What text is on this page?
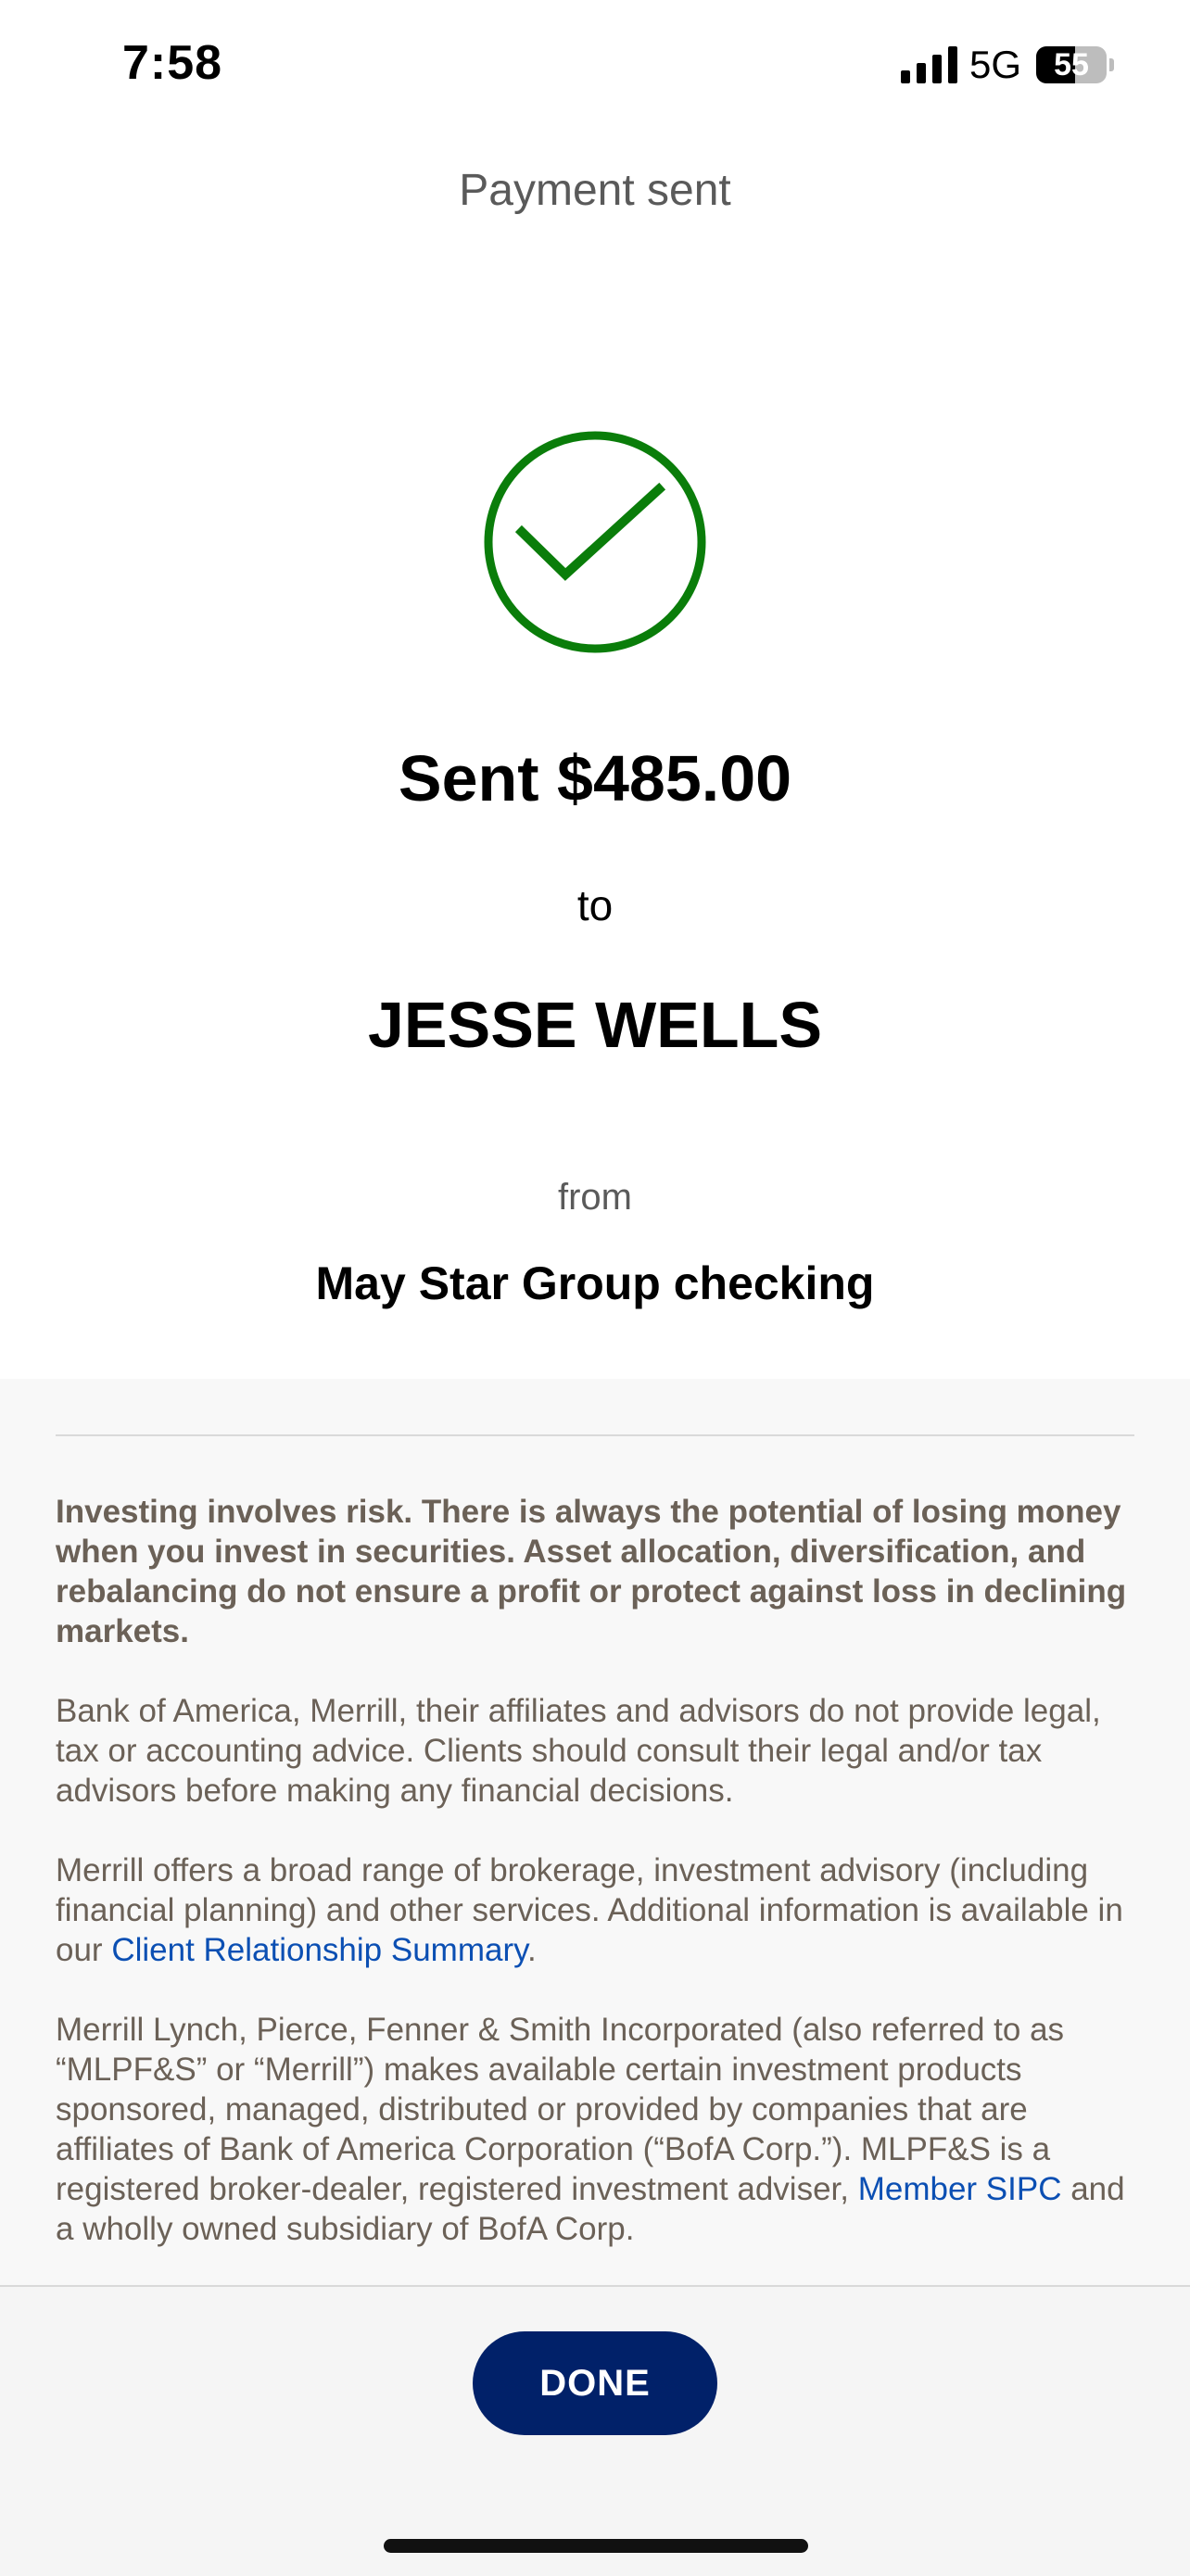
7:58	5G	55
Payment sent
Sent $485.00
to
JESSE WELLS
from
May Star Group checking

Investing involves risk. There is always the potential of losing money when you invest in securities. Asset allocation, diversification, and rebalancing do not ensure a profit or protect against loss in declining markets.

Bank of America, Merrill, their affiliates and advisors do not provide legal, tax or accounting advice. Clients should consult their legal and/or tax advisors before making any financial decisions.

Merrill offers a broad range of brokerage, investment advisory (including financial planning) and other services. Additional information is available in our Client Relationship Summary.

Merrill Lynch, Pierce, Fenner & Smith Incorporated (also referred to as “MLPF&S” or “Merrill”) makes available certain investment products sponsored, managed, distributed or provided by companies that are affiliates of Bank of America Corporation (“BofA Corp.”). MLPF&S is a registered broker-dealer, registered investment adviser, Member SIPC and a wholly owned subsidiary of BofA Corp.

DONE
